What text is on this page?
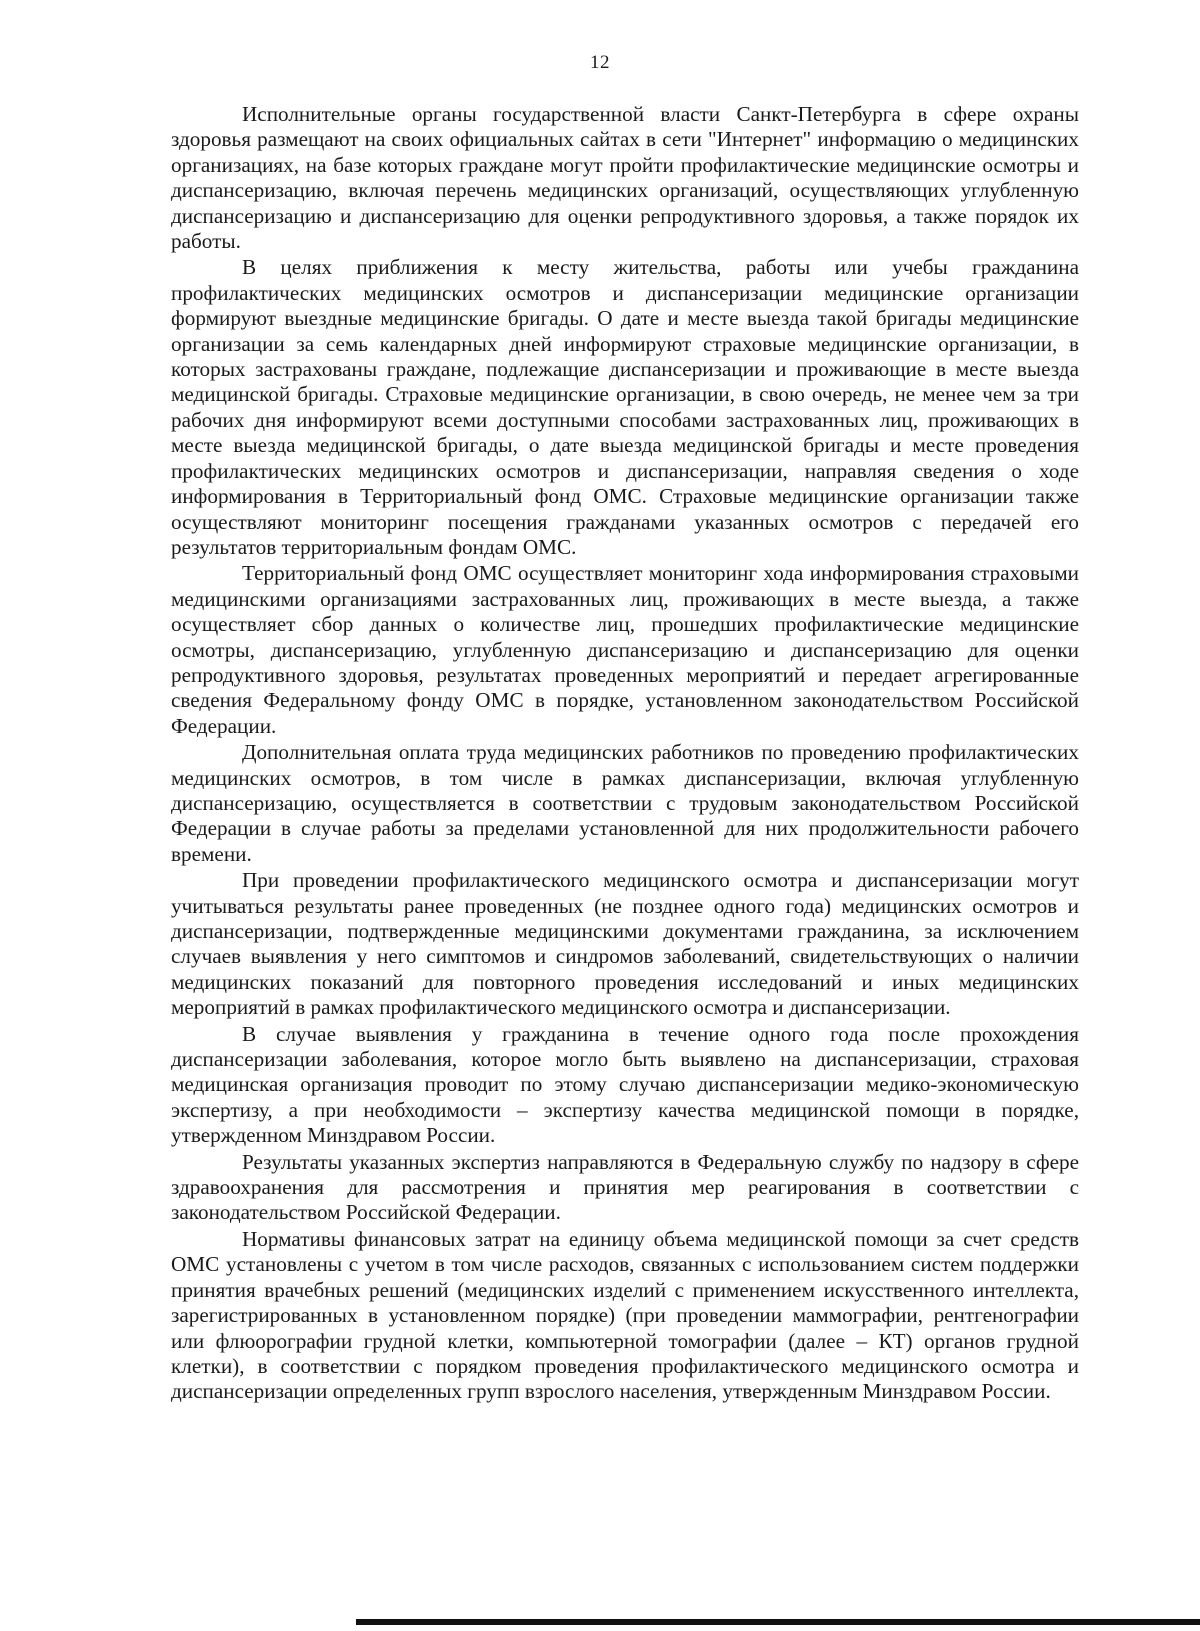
12

Исполнительные органы государственной власти Санкт-Петербурга в сфере охраны здоровья размещают на своих официальных сайтах в сети "Интернет" информацию о медицинских организациях, на базе которых граждане могут пройти профилактические медицинские осмотры и диспансеризацию, включая перечень медицинских организаций, осуществляющих углубленную диспансеризацию и диспансеризацию для оценки репродуктивного здоровья, а также порядок их работы.

В целях приближения к месту жительства, работы или учебы гражданина профилактических медицинских осмотров и диспансеризации медицинские организации формируют выездные медицинские бригады. О дате и месте выезда такой бригады медицинские организации за семь календарных дней информируют страховые медицинские организации, в которых застрахованы граждане, подлежащие диспансеризации и проживающие в месте выезда медицинской бригады. Страховые медицинские организации, в свою очередь, не менее чем за три рабочих дня информируют всеми доступными способами застрахованных лиц, проживающих в месте выезда медицинской бригады, о дате выезда медицинской бригады и месте проведения профилактических медицинских осмотров и диспансеризации, направляя сведения о ходе информирования в Территориальный фонд ОМС. Страховые медицинские организации также осуществляют мониторинг посещения гражданами указанных осмотров с передачей его результатов территориальным фондам ОМС.

Территориальный фонд ОМС осуществляет мониторинг хода информирования страховыми медицинскими организациями застрахованных лиц, проживающих в месте выезда, а также осуществляет сбор данных о количестве лиц, прошедших профилактические медицинские осмотры, диспансеризацию, углубленную диспансеризацию и диспансеризацию для оценки репродуктивного здоровья, результатах проведенных мероприятий и передает агрегированные сведения Федеральному фонду ОМС в порядке, установленном законодательством Российской Федерации.

Дополнительная оплата труда медицинских работников по проведению профилактических медицинских осмотров, в том числе в рамках диспансеризации, включая углубленную диспансеризацию, осуществляется в соответствии с трудовым законодательством Российской Федерации в случае работы за пределами установленной для них продолжительности рабочего времени.

При проведении профилактического медицинского осмотра и диспансеризации могут учитываться результаты ранее проведенных (не позднее одного года) медицинских осмотров и диспансеризации, подтвержденные медицинскими документами гражданина, за исключением случаев выявления у него симптомов и синдромов заболеваний, свидетельствующих о наличии медицинских показаний для повторного проведения исследований и иных медицинских мероприятий в рамках профилактического медицинского осмотра и диспансеризации.

В случае выявления у гражданина в течение одного года после прохождения диспансеризации заболевания, которое могло быть выявлено на диспансеризации, страховая медицинская организация проводит по этому случаю диспансеризации медико-экономическую экспертизу, а при необходимости – экспертизу качества медицинской помощи в порядке, утвержденном Минздравом России.

Результаты указанных экспертиз направляются в Федеральную службу по надзору в сфере здравоохранения для рассмотрения и принятия мер реагирования в соответствии с законодательством Российской Федерации.

Нормативы финансовых затрат на единицу объема медицинской помощи за счет средств ОМС установлены с учетом в том числе расходов, связанных с использованием систем поддержки принятия врачебных решений (медицинских изделий с применением искусственного интеллекта, зарегистрированных в установленном порядке) (при проведении маммографии, рентгенографии или флюорографии грудной клетки, компьютерной томографии (далее – КТ) органов грудной клетки), в соответствии с порядком проведения профилактического медицинского осмотра и диспансеризации определенных групп взрослого населения, утвержденным Минздравом России.
